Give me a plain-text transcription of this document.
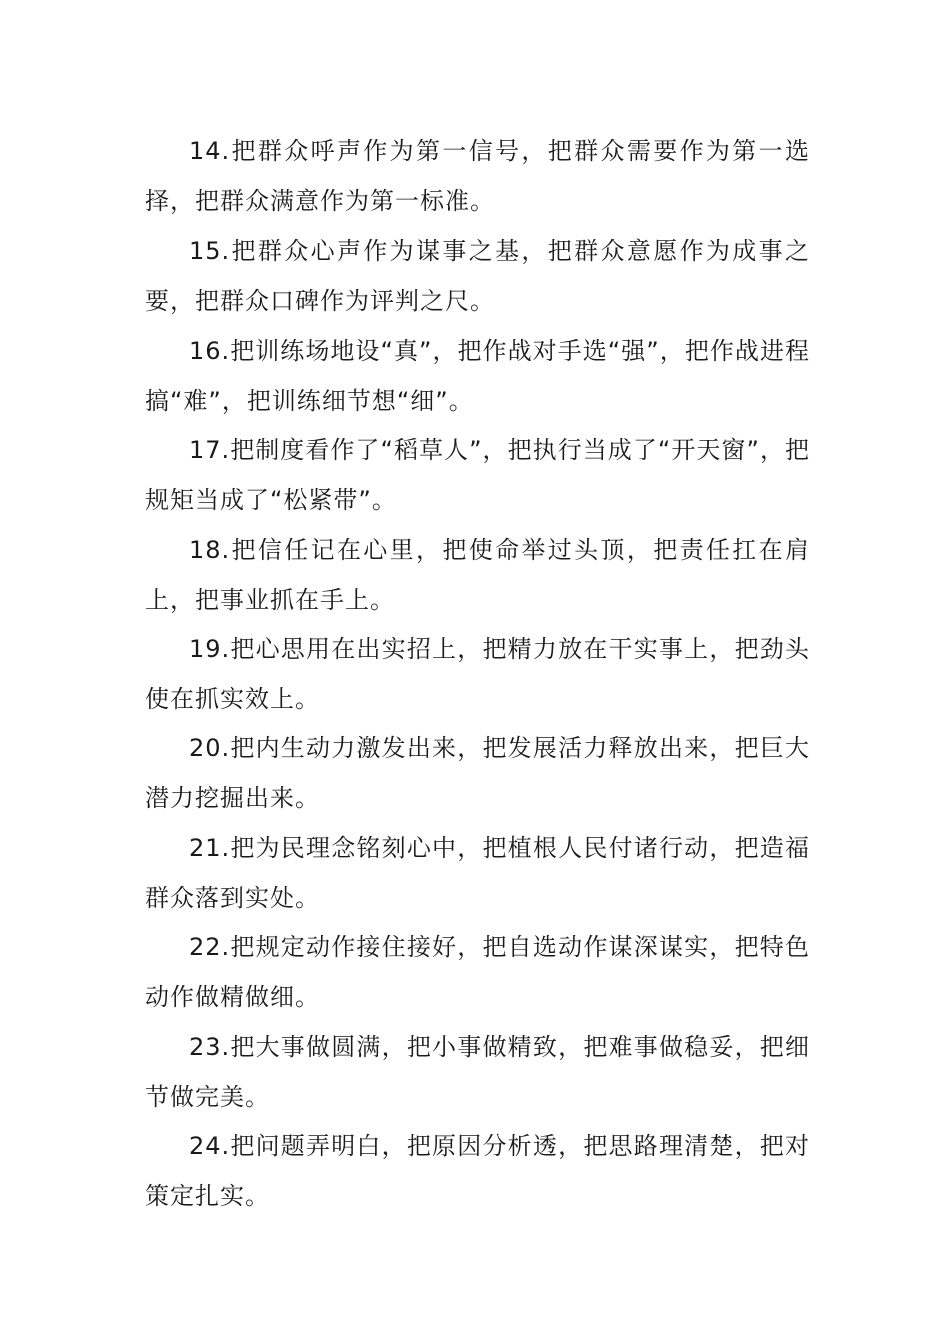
14.把群众呼声作为第一信号，把群众需要作为第一选择，把群众满意作为第一标准。

15.把群众心声作为谋事之基，把群众意愿作为成事之要，把群众口碑作为评判之尺。

16.把训练场地设“真”，把作战对手选“强”，把作战进程搞“难”，把训练细节想“细”。

17.把制度看作了“稻草人”，把执行当成了“开天窗”，把规矩当成了“松紧带”。

18.把信任记在心里，把使命举过头顶，把责任扛在肩上，把事业抓在手上。

19.把心思用在出实招上，把精力放在干实事上，把劲头使在抓实效上。

20.把内生动力激发出来，把发展活力释放出来，把巨大潜力挖掘出来。

21.把为民理念铭刻心中，把植根人民付诸行动，把造福群众落到实处。

22.把规定动作接住接好，把自选动作谋深谋实，把特色动作做精做细。

23.把大事做圆满，把小事做精致，把难事做稳妥，把细节做完美。

24.把问题弄明白，把原因分析透，把思路理清楚，把对策定扎实。
